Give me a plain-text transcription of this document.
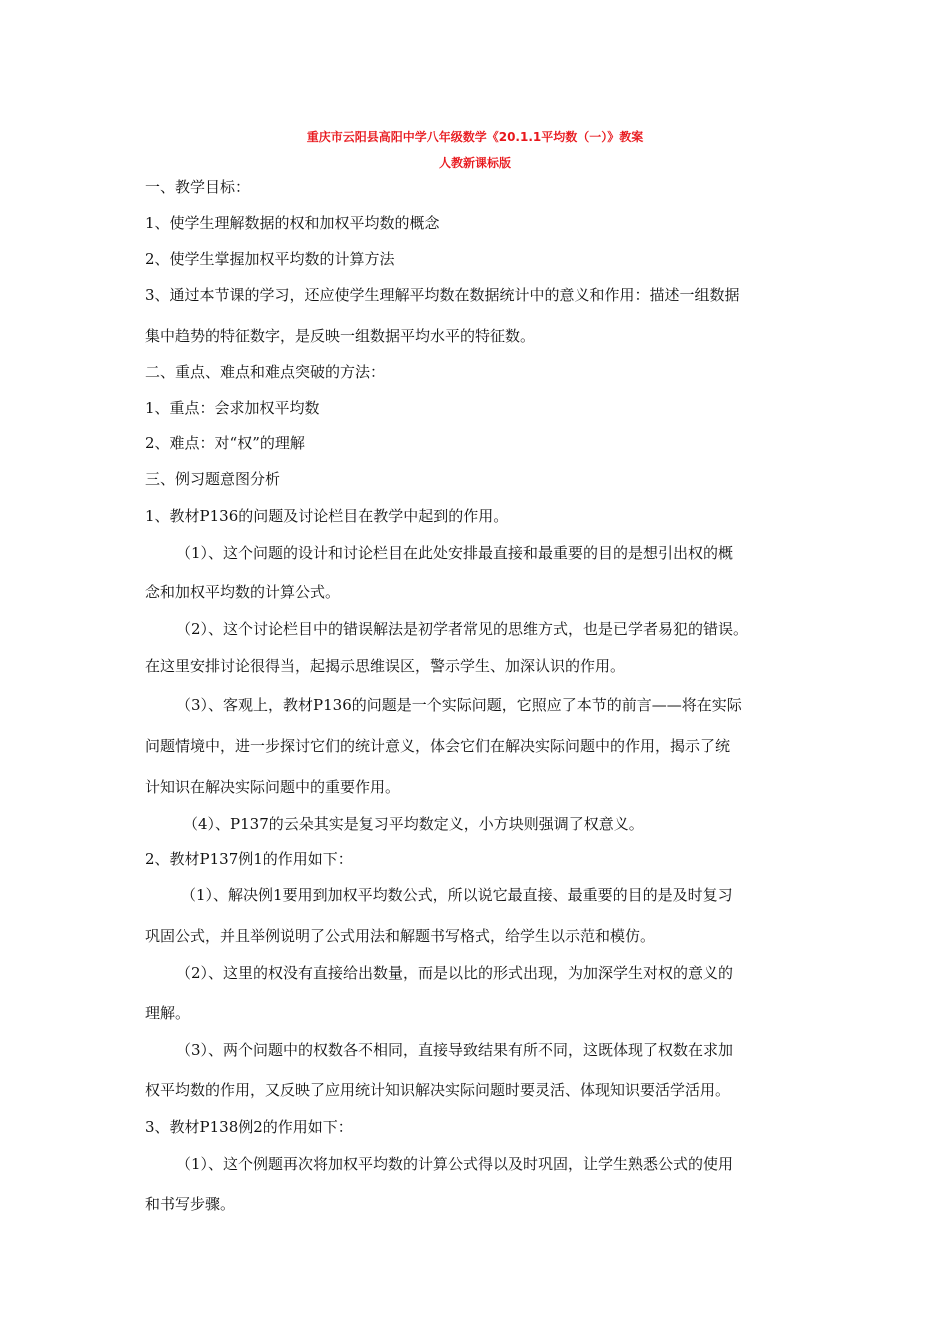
重庆市云阳县高阳中学八年级数学《20.1.1平均数（一）》教案
人教新课标版
一、教学目标：
1、使学生理解数据的权和加权平均数的概念
2、使学生掌握加权平均数的计算方法
3、通过本节课的学习，还应使学生理解平均数在数据统计中的意义和作用：描述一组数据
集中趋势的特征数字，是反映一组数据平均水平的特征数。
二、重点、难点和难点突破的方法：
1、重点：会求加权平均数
2、难点：对“权”的理解
三、例习题意图分析
1、教材P136的问题及讨论栏目在教学中起到的作用。
（1）、这个问题的设计和讨论栏目在此处安排最直接和最重要的目的是想引出权的概
念和加权平均数的计算公式。
（2）、这个讨论栏目中的错误解法是初学者常见的思维方式，也是已学者易犯的错误。
在这里安排讨论很得当，起揭示思维误区，警示学生、加深认识的作用。
（3）、客观上，教材P136的问题是一个实际问题，它照应了本节的前言——将在实际
问题情境中，进一步探讨它们的统计意义，体会它们在解决实际问题中的作用，揭示了统
计知识在解决实际问题中的重要作用。
（4）、P137的云朵其实是复习平均数定义，小方块则强调了权意义。
2、教材P137例1的作用如下：
（1）、解决例1要用到加权平均数公式，所以说它最直接、最重要的目的是及时复习
巩固公式，并且举例说明了公式用法和解题书写格式，给学生以示范和模仿。
（2）、这里的权没有直接给出数量，而是以比的形式出现，为加深学生对权的意义的
理解。
（3）、两个问题中的权数各不相同，直接导致结果有所不同，这既体现了权数在求加
权平均数的作用，又反映了应用统计知识解决实际问题时要灵活、体现知识要活学活用。
3、教材P138例2的作用如下：
（1）、这个例题再次将加权平均数的计算公式得以及时巩固，让学生熟悉公式的使用
和书写步骤。
